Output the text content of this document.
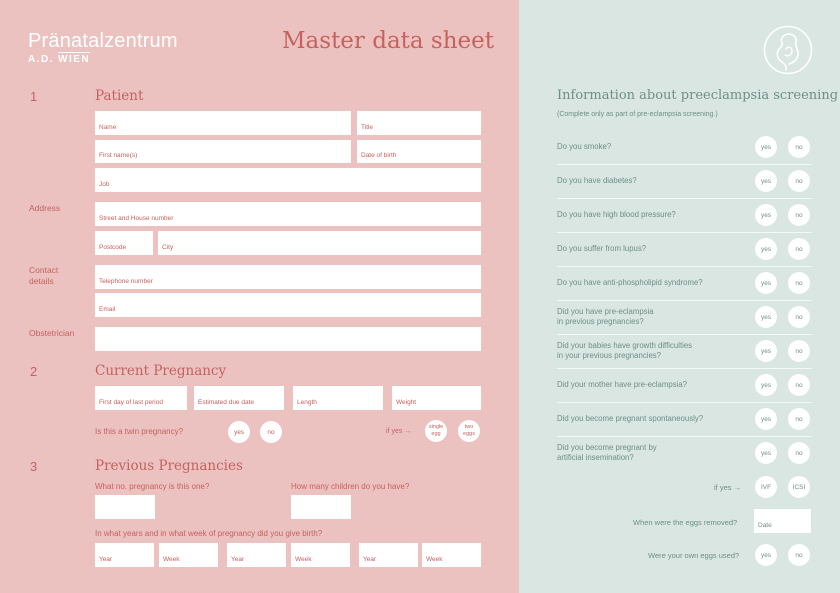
Pränatalzentrum
A.D. WIEN
Master data sheet
1	Patient
Name	Title
First name(s)	Date of birth
Job
Address
Street and House number
Postcode	City
Contact
details	Telephone number
Email
Obstetrician
2	Current Pregnancy
First day of last period	Estimated due date	Length	Weight
Is this a twin pregnancy?	yes	no	if yes →
single
egg
two
eggs
3	Previous Pregnancies
What no. pregnancy is this one?	How many children do you have?
In what years and in what week of pregnancy did you give birth?
Year	Week	Year	Week	Year	Week
Information about preeclampsia screening
(Complete only as part of pre-eclampsia screening.)
Do you smoke?	yes	no
Do you have diabetes?	yes	no
Do you have high blood pressure?	yes	no
Do you suffer from lupus?	yes	no
Do you have anti-phospholipid syndrome?	yes	no
Did you have pre-eclampsia
in previous pregnancies?	yes	no
Did your babies have growth difficulties
in your previous pregnancies?	yes	no
Did your mother have pre-eclampsia?	yes	no
Did you become pregnant spontaneously?	yes	no
Did you become pregnant by
artificial insemination?	yes	no
if yes →	IVF	ICSI
When were the eggs removed?	Date
Were your own eggs used?	yes	no
